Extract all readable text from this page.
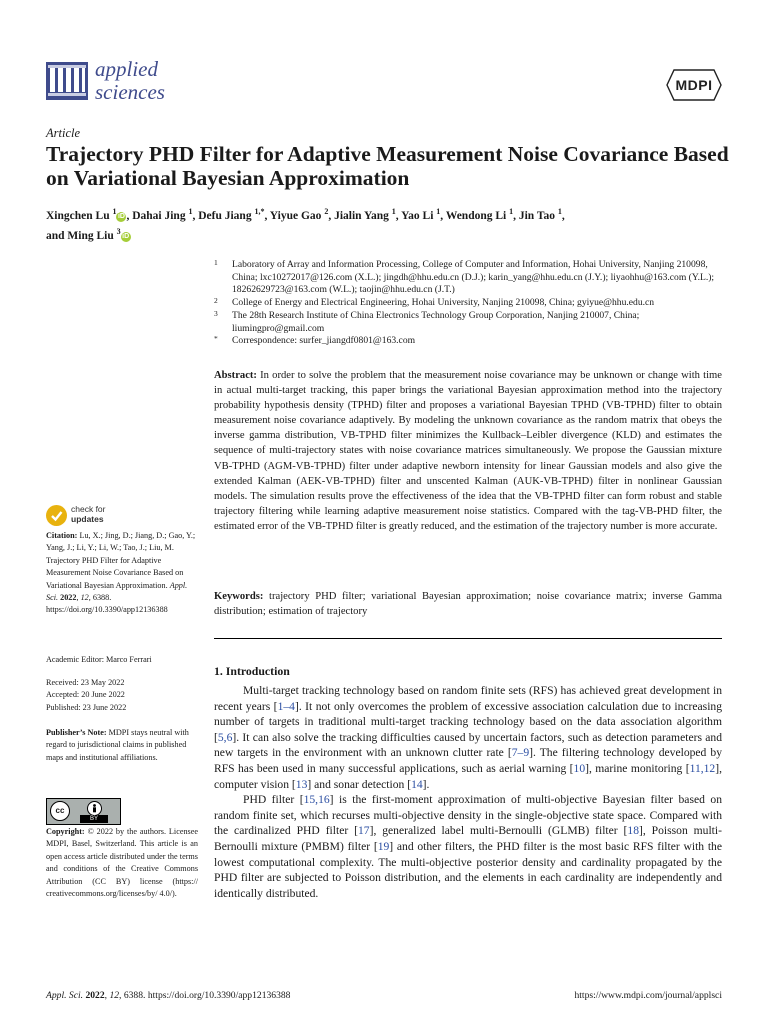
applied
sciences	MDPI
Article
Trajectory PHD Filter for Adaptive Measurement Noise Covariance Based on Variational Bayesian Approximation
Xingchen Lu $^1$iD , Dahai Jing $^1$, Defu Jiang $^{1,*}$, Yiyue Gao $^2$, Jialin Yang $^1$, Yao Li $^1$, Wendong Li $^1$, Jin Tao $^1$,
and Ming Liu $^3$iD

1 Laboratory of Array and Information Processing, College of Computer and Information, Hohai University, Nanjing 210098, China; lxc10272017@126.com (X.L.); jingdh@hhu.edu.cn (D.J.); karin_yang@hhu.edu.cn (J.Y.); liyaohhu@163.com (Y.L.); 18262629723@163.com (W.L.); taojin@hhu.edu.cn (J.T.)

2 College of Energy and Electrical Engineering, Hohai University, Nanjing 210098, China; gyiyue@hhu.edu.cn

3 The 28th Research Institute of China Electronics Technology Group Corporation, Nanjing 210007, China; liumingpro@gmail.com

* Correspondence: surfer_jiangdf0801@163.com

Abstract: In order to solve the problem that the measurement noise covariance may be unknown or change with time in actual multi-target tracking, this paper brings the variational Bayesian approximation method into the trajectory probability hypothesis density (TPHD) filter and proposes a variational Bayesian TPHD (VB-TPHD) filter to obtain measurement noise covariance adaptively. By modeling the unknown covariance as the random matrix that obeys the inverse gamma distribution, VB-TPHD filter minimizes the Kullback–Leibler divergence (KLD) and estimates the sequence of multi-trajectory states with noise covariance matrices simultaneously. We propose the Gaussian mixture VB-TPHD (AGM-VB-TPHD) filter under adaptive newborn intensity for linear Gaussian models and also give the extended Kalman (AEK-VB-TPHD) filter and unscented Kalman (AUK-VB-TPHD) filter in nonlinear Gaussian models. The simulation results prove the effectiveness of the idea that the VB-TPHD filter can form robust and stable trajectory filtering while learning adaptive measurement noise statistics. Compared with the tag-VB-PHD filter, the estimated error of the VB-TPHD filter is greatly reduced, and the estimation of the trajectory number is more accurate.

Keywords: trajectory PHD filter; variational Bayesian approximation; noise covariance matrix; inverse Gamma distribution; estimation of trajectory

check for
updates

Citation: Lu, X.; Jing, D.; Jiang, D.; Gao, Y.; Yang, J.; Li, Y.; Li, W.; Tao, J.; Liu, M. Trajectory PHD Filter for Adaptive Measurement Noise Covariance Based on Variational Bayesian Approximation. Appl. Sci. 2022, 12, 6388. https://doi.org/10.3390/app12136388

Academic Editor: Marco Ferrari

Received: 23 May 2022
Accepted: 20 June 2022
Published: 23 June 2022

Publisher’s Note: MDPI stays neutral with regard to jurisdictional claims in published maps and institutional affiliations.

cc
BY

Copyright: © 2022 by the authors. Licensee MDPI, Basel, Switzerland. This article is an open access article distributed under the terms and conditions of the Creative Commons Attribution (CC BY) license (https:// creativecommons.org/licenses/by/ 4.0/).

1. Introduction

Multi-target tracking technology based on random finite sets (RFS) has achieved great development in recent years [1–4]. It not only overcomes the problem of excessive association calculation due to increasing number of targets in traditional multi-target tracking technology based on the data association algorithm [5,6]. It can also solve the tracking difficulties caused by uncertain factors, such as detection parameters and new targets in the environment with an unknown clutter rate [7–9]. The filtering technology developed by RFS has been used in many successful applications, such as aerial warning [10], marine monitoring [11,12], computer vision [13] and sonar detection [14].

PHD filter [15,16] is the first-moment approximation of multi-objective Bayesian filter based on random finite set, which recurses multi-objective density in the single-objective state space. Compared with the cardinalized PHD filter [17], generalized label multi-Bernoulli (GLMB) filter [18], Poisson multi-Bernoulli mixture (PMBM) filter [19] and other filters, the PHD filter is the most basic RFS filter with the lowest computational complexity. The multi-objective posterior density and cardinality propagated by the PHD filter are subjected to Poisson distribution, and the elements in each cardinality are independently and identically distributed.

Appl. Sci. 2022, 12, 6388. https://doi.org/10.3390/app12136388	https://www.mdpi.com/journal/applsci
